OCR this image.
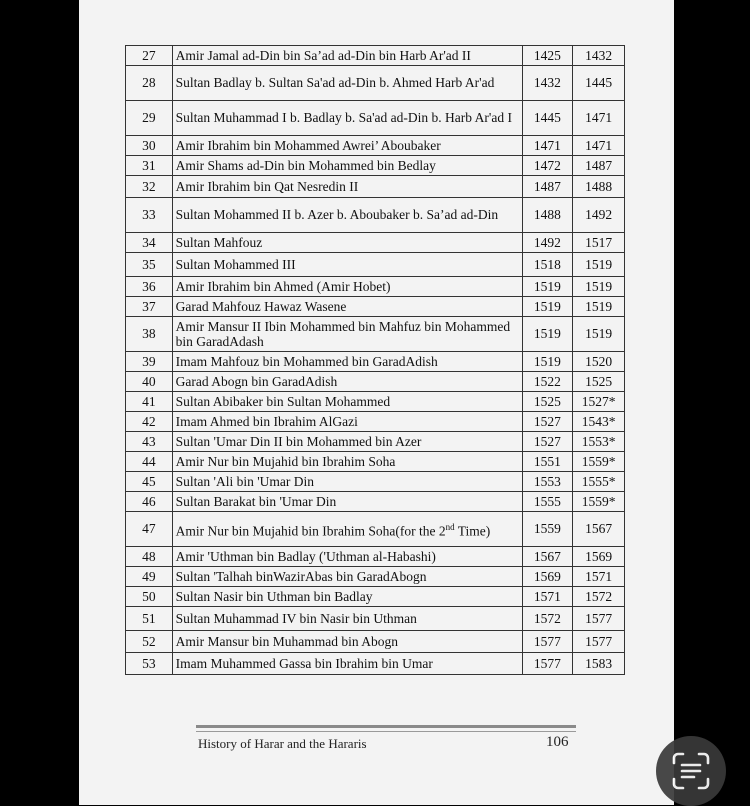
27	Amir Jamal ad-Din bin Sa’ad ad-Din bin Harb Ar'ad II	1425	1432
28	Sultan Badlay b. Sultan Sa'ad ad-Din b. Ahmed Harb Ar'ad	1432	1445
29	Sultan Muhammad I b. Badlay b. Sa'ad ad-Din b. Harb Ar'ad I	1445	1471
30	Amir Ibrahim bin Mohammed Awrei’ Aboubaker	1471	1471
31	Amir Shams ad-Din bin Mohammed bin Bedlay	1472	1487
32	Amir Ibrahim bin Qat Nesredin II	1487	1488
33	Sultan Mohammed II b. Azer b. Aboubaker b. Sa’ad ad-Din	1488	1492
34	Sultan Mahfouz	1492	1517
35	Sultan Mohammed III	1518	1519
36	Amir Ibrahim bin Ahmed (Amir Hobet)	1519	1519
37	Garad Mahfouz Hawaz Wasene	1519	1519
38	Amir Mansur II Ibin Mohammed bin Mahfuz bin Mohammed bin GaradAdash	1519	1519
39	Imam Mahfouz bin Mohammed bin GaradAdish	1519	1520
40	Garad Abogn bin GaradAdish	1522	1525
41	Sultan Abibaker bin Sultan Mohammed	1525	1527*
42	Imam Ahmed bin Ibrahim AlGazi	1527	1543*
43	Sultan 'Umar Din II bin Mohammed bin Azer	1527	1553*
44	Amir Nur bin Mujahid bin Ibrahim Soha	1551	1559*
45	Sultan 'Ali bin 'Umar Din	1553	1555*
46	Sultan Barakat bin 'Umar Din	1555	1559*
47	Amir Nur bin Mujahid bin Ibrahim Soha(for the 2nd Time)	1559	1567
48	Amir 'Uthman bin Badlay ('Uthman al-Habashi)	1567	1569
49	Sultan 'Talhah binWazirAbas bin GaradAbogn	1569	1571
50	Sultan Nasir bin Uthman bin Badlay	1571	1572
51	Sultan Muhammad IV bin Nasir bin Uthman	1572	1577
52	Amir Mansur bin Muhammad bin Abogn	1577	1577
53	Imam Muhammed Gassa bin Ibrahim bin Umar	1577	1583
History of Harar and the Hararis	106
